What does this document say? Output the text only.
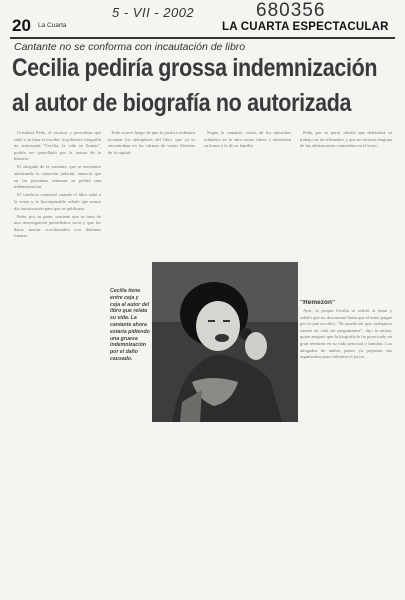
20 La Cuarta
5 - VII - 2002	680356
LA CUARTA ESPECTACULAR
Cantante no se conforma con incautación de libro
Cecilia pediría grossa indemnización
al autor de biografía no autorizada

Cristóbal Peña, el escritor y periodista que salió a la luna al escribir la polémica biografía no autorizada "Cecilia, la vida en llamas", podría ser querellado por la autora de la historia.

El abogado de la cantante, que se encuentra analizando la situación judicial, anunció que en las próximas semanas se pedirá una indemnización.

El conflicto comenzó cuando el libro salió a la venta y la Incomparable señaló que nunca dio autorización para que se publicara.

Peña, por su parte, sostiene que se trata de una investigación periodística seria y que los datos fueron corroborados con distintas fuentes.

Todo ocurre luego de que la justicia ordenara incautar los ejemplares del libro, que ya se encontraban en las vitrinas de varias librerías de la capital.

Según la cantante, varios de los episodios relatados en la obra serían falsos y afectarían su honra y la de su familia.

Peña, por su parte, afirmó que defenderá su trabajo en los tribunales y que no retirará ninguna de las afirmaciones contenidas en el texto.

"Remezón"

Ayer, la propia Cecilia se refirió al tema y señaló que no descansará hasta que el autor pague por lo que escribió. "No puede ser que cualquiera cuente mi vida sin preguntarme", dijo la artista, quien aseguró que la biografía le ha provocado un gran remezón en su vida personal y familiar. Los abogados de ambas partes ya preparan sus argumentos para enfrentar el juicio.

Cecilia tiene entre ceja y ceja al autor del libro que relata su vida. La cantante ahora estaría pidiendo una gruesa indemnización por el daño causado.
